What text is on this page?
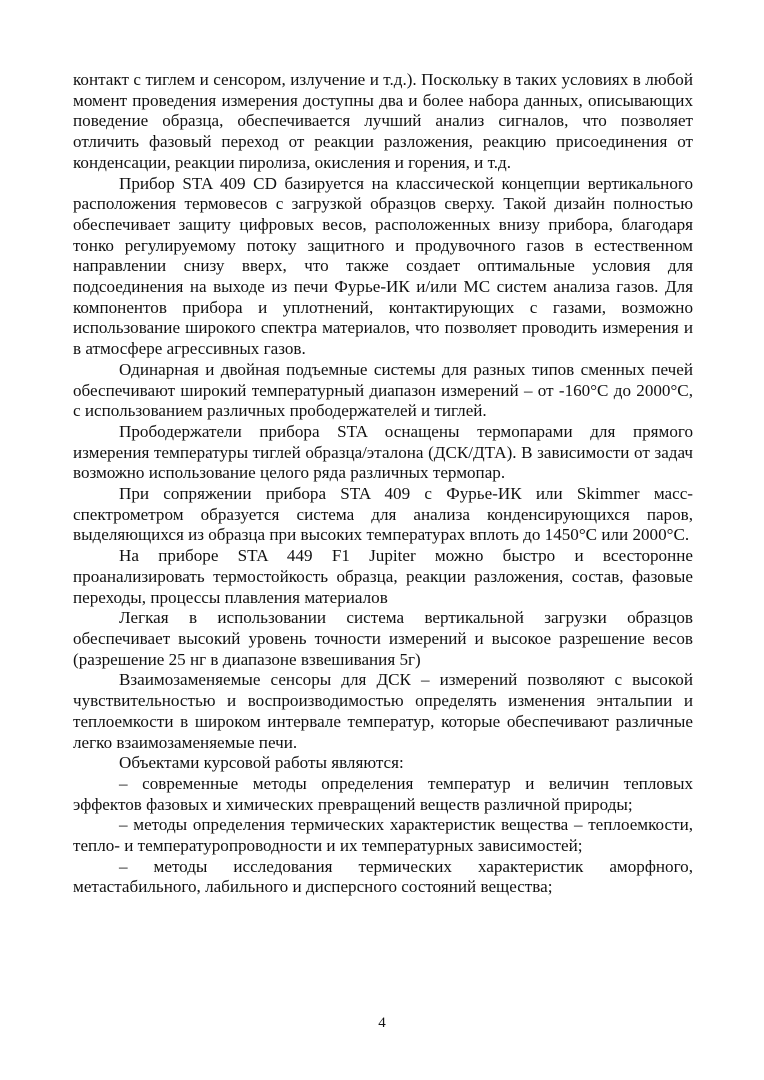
контакт с тиглем и сенсором, излучение и т.д.). Поскольку в таких условиях в любой момент проведения измерения доступны два и более набора данных, описывающих поведение образца, обеспечивается лучший анализ сигналов, что позволяет отличить фазовый переход от реакции разложения, реакцию присоединения от конденсации, реакции пиролиза, окисления и горения, и т.д.

Прибор STA 409 CD базируется на классической концепции вертикального расположения термовесов с загрузкой образцов сверху. Такой дизайн полностью обеспечивает защиту цифровых весов, расположенных внизу прибора, благодаря тонко регулируемому потоку защитного и продувочного газов в естественном направлении снизу вверх, что также создает оптимальные условия для подсоединения на выходе из печи Фурье-ИК и/или МС систем анализа газов. Для компонентов прибора и уплотнений, контактирующих с газами, возможно использование широкого спектра материалов, что позволяет проводить измерения и в атмосфере агрессивных газов.

Одинарная и двойная подъемные системы для разных типов сменных печей обеспечивают широкий температурный диапазон измерений – от -160°С до 2000°С, с использованием различных прободержателей и тиглей.

Прободержатели прибора STA оснащены термопарами для прямого измерения температуры тиглей образца/эталона (ДСК/ДТА). В зависимости от задач возможно использование целого ряда различных термопар.

При сопряжении прибора STA 409 с Фурье-ИК или Skimmer масс-спектрометром образуется система для анализа конденсирующихся паров, выделяющихся из образца при высоких температурах вплоть до 1450°С или 2000°С.

На приборе STA 449 F1 Jupiter можно быстро и всесторонне проанализировать термостойкость образца, реакции разложения, состав, фазовые переходы, процессы плавления материалов

Легкая в использовании система вертикальной загрузки образцов обеспечивает высокий уровень точности измерений и высокое разрешение весов (разрешение 25 нг в диапазоне взвешивания 5г)

Взаимозаменяемые сенсоры для ДСК – измерений позволяют с высокой чувствительностью и воспроизводимостью определять изменения энтальпии и теплоемкости в широком интервале температур, которые обеспечивают различные легко взаимозаменяемые печи.

Объектами курсовой работы являются:

– современные методы определения температур и величин тепловых эффектов фазовых и химических превращений веществ различной природы;

– методы определения термических характеристик вещества – теплоемкости, тепло- и температуропроводности и их температурных зависимостей;

– методы исследования термических характеристик аморфного, метастабильного, лабильного и дисперсного состояний вещества;

4
